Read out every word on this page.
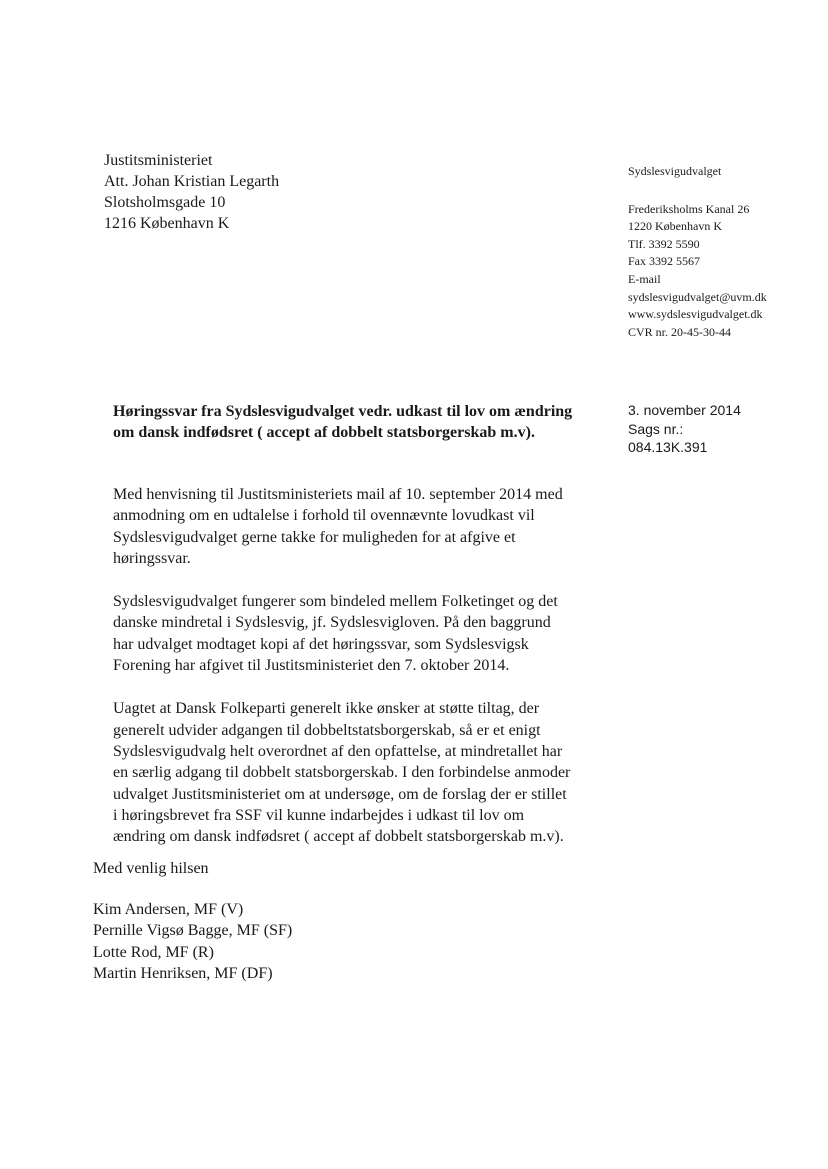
Justitsministeriet
Att. Johan Kristian Legarth
Slotsholmsgade 10
1216 København K
Sydslesvigudvalget
Frederiksholms Kanal 26
1220 København K
Tlf. 3392 5590
Fax 3392 5567
E-mail
sydslesvigudvalget@uvm.dk
www.sydslesvigudvalget.dk
CVR nr. 20-45-30-44
Høringssvar fra Sydslesvigudvalget vedr. udkast til lov om ændring om dansk indfødsret ( accept af dobbelt statsborgerskab m.v).
3. november 2014
Sags nr.:
084.13K.391

Med henvisning til Justitsministeriets mail af 10. september 2014 med anmodning om en udtalelse i forhold til ovennævnte lovudkast vil Sydslesvigudvalget gerne takke for muligheden for at afgive et høringssvar.

Sydslesvigudvalget fungerer som bindeled mellem Folketinget og det danske mindretal i Sydslesvig, jf. Sydslesvigloven. På den baggrund har udvalget modtaget kopi af det høringssvar, som Sydslesvigsk Forening har afgivet til Justitsministeriet den 7. oktober 2014.

Uagtet at Dansk Folkeparti generelt ikke ønsker at støtte tiltag, der generelt udvider adgangen til dobbeltstatsborgerskab, så er et enigt Sydslesvigudvalg helt overordnet af den opfattelse, at mindretallet har en særlig adgang til dobbelt statsborgerskab. I den forbindelse anmoder udvalget Justitsministeriet om at undersøge, om de forslag der er stillet i høringsbrevet fra SSF vil kunne indarbejdes i udkast til lov om ændring om dansk indfødsret ( accept af dobbelt statsborgerskab m.v).

Med venlig hilsen
Kim Andersen, MF (V)
Pernille Vigsø Bagge, MF (SF)
Lotte Rod, MF (R)
Martin Henriksen, MF (DF)
